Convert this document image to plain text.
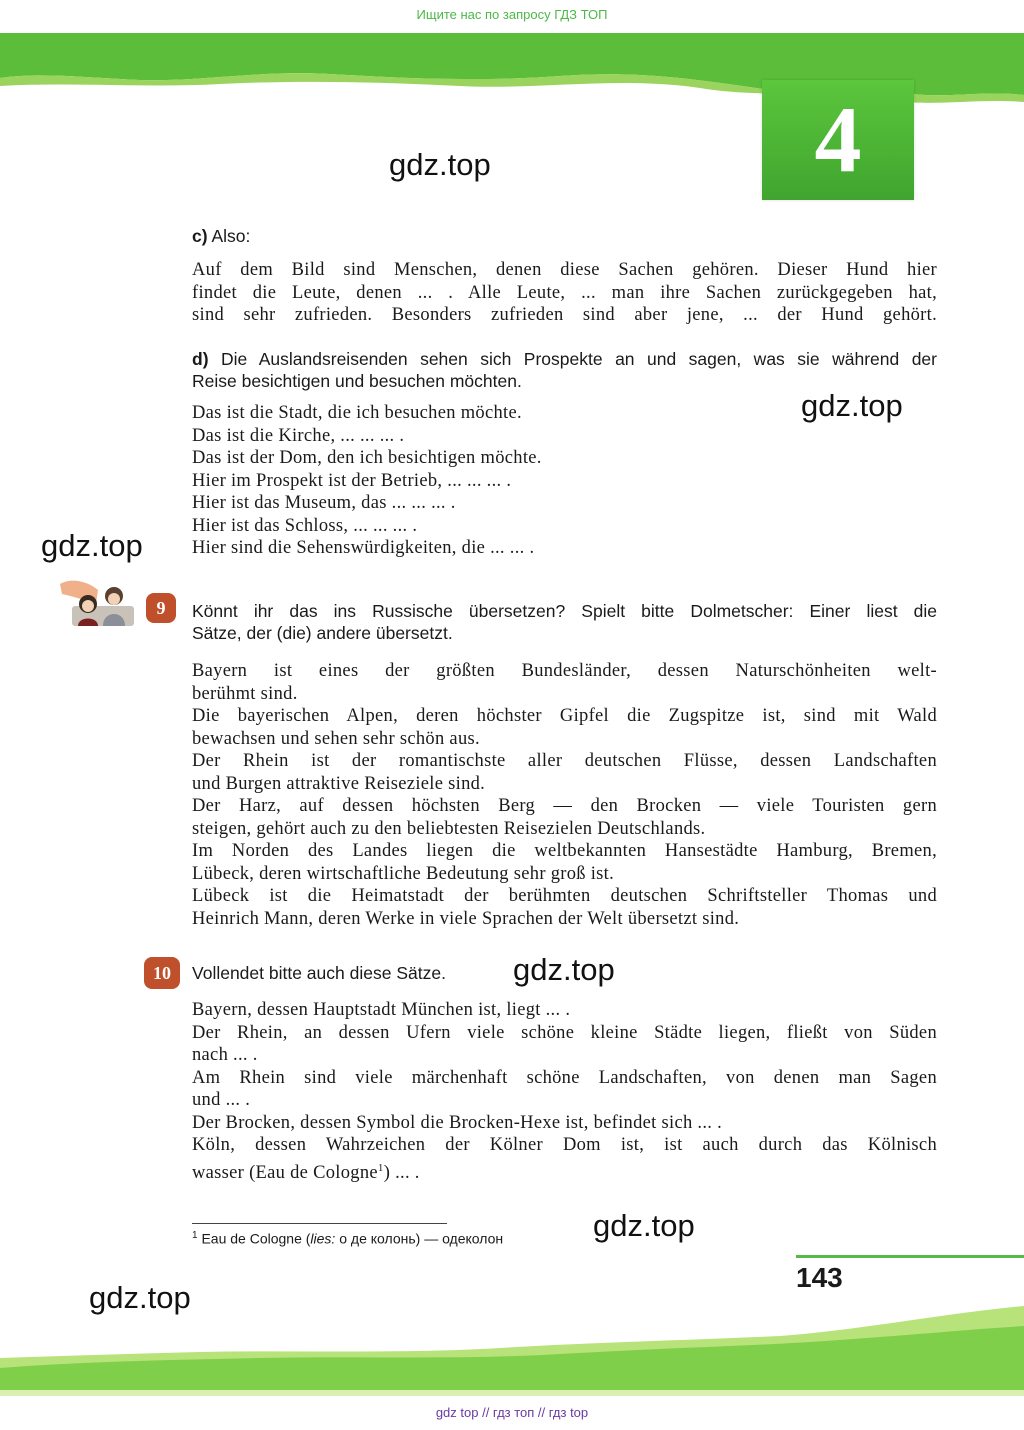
Ищите нас по запросу ГДЗ ТОП
4
gdz.top
gdz.top
gdz.top
gdz.top
gdz.top
gdz.top
c) Also:

Auf dem Bild sind Menschen, denen diese Sachen gehören. Dieser Hund hier

findet die Leute, denen ... . Alle Leute, ... man ihre Sachen zurückgegeben hat,

sind sehr zufrieden. Besonders zufrieden sind aber jene, ... der Hund gehört.

d) Die Auslandsreisenden sehen sich Prospekte an und sagen, was sie während der

Reise besichtigen und besuchen möchten.

Das ist die Stadt, die ich besuchen möchte.
Das ist die Kirche, ... ... ... .
Das ist der Dom, den ich besichtigen möchte.
Hier im Prospekt ist der Betrieb, ... ... ... .
Hier ist das Museum, das ... ... ... .
Hier ist das Schloss, ... ... ... .
Hier sind die Sehenswürdigkeiten, die ... ... .
9	Könnt ihr das ins Russische übersetzen? Spielt bitte Dolmetscher: Einer liest die

Sätze, der (die) andere übersetzt.

Bayern ist eines der größten Bundesländer, dessen Naturschönheiten welt-

berühmt sind.

Die bayerischen Alpen, deren höchster Gipfel die Zugspitze ist, sind mit Wald

bewachsen und sehen sehr schön aus.

Der Rhein ist der romantischste aller deutschen Flüsse, dessen Landschaften

und Burgen attraktive Reiseziele sind.

Der Harz, auf dessen höchsten Berg — den Brocken — viele Touristen gern

steigen, gehört auch zu den beliebtesten Reisezielen Deutschlands.

Im Norden des Landes liegen die weltbekannten Hansestädte Hamburg, Bremen,

Lübeck, deren wirtschaftliche Bedeutung sehr groß ist.

Lübeck ist die Heimatstadt der berühmten deutschen Schriftsteller Thomas und

Heinrich Mann, deren Werke in viele Sprachen der Welt übersetzt sind.

10	Vollendet bitte auch diese Sätze.

Bayern, dessen Hauptstadt München ist, liegt ... .

Der Rhein, an dessen Ufern viele schöne kleine Städte liegen, fließt von Süden

nach ... .

Am Rhein sind viele märchenhaft schöne Landschaften, von denen man Sagen

und ... .

Der Brocken, dessen Symbol die Brocken-Hexe ist, befindet sich ... .

Köln, dessen Wahrzeichen der Kölner Dom ist, ist auch durch das Kölnisch

wasser (Eau de Cologne$^1$) ... .

$^1$ Eau de Cologne (lies: о де колонь) — одеколон
143
gdz top // гдз топ // гдз top
